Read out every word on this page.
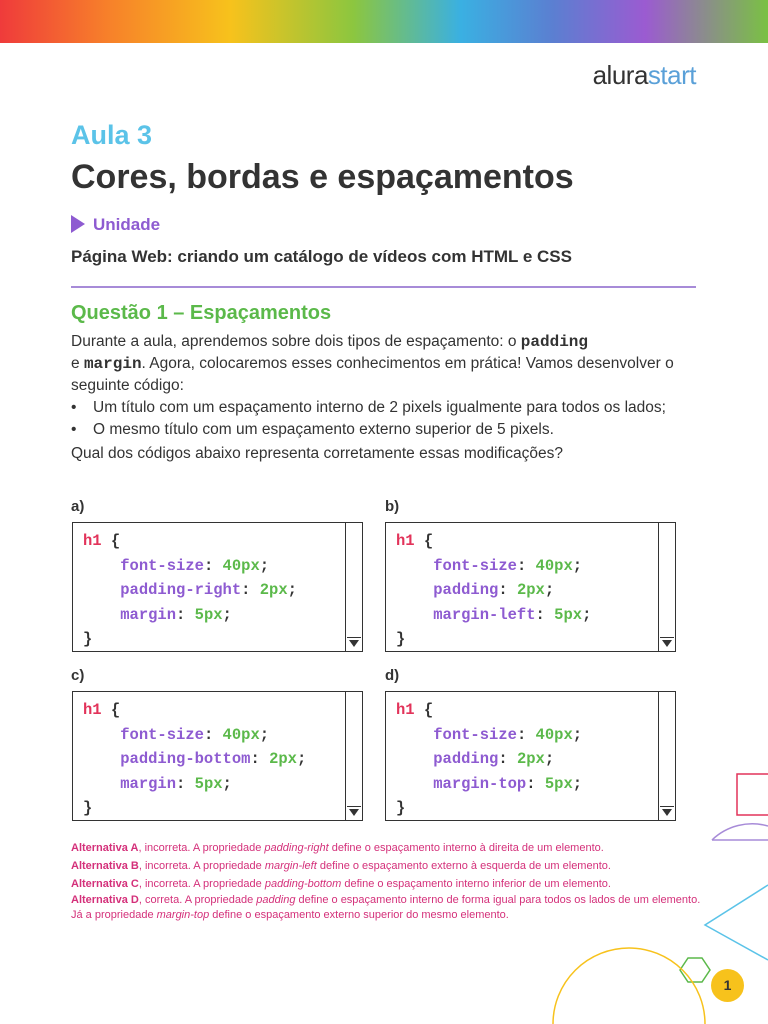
alurastart
Aula 3
Cores, bordas e espaçamentos
Unidade
Página Web: criando um catálogo de vídeos com HTML e CSS
Questão 1 – Espaçamentos

Durante a aula, aprendemos sobre dois tipos de espaçamento: o padding
e margin. Agora, colocaremos esses conhecimentos em prática! Vamos desenvolver o seguinte código:

• Um título com um espaçamento interno de 2 pixels igualmente para todos os lados;

• O mesmo título com um espaçamento externo superior de 5 pixels.

Qual dos códigos abaixo representa corretamente essas modificações?

a)	b)
c)	d)
h1 {
font-size: 40px;
padding-right: 2px;
margin: 5px;
}
h1 {
font-size: 40px;
padding: 2px;
margin-left: 5px;
}
h1 {
font-size: 40px;
padding-bottom: 2px;
margin: 5px;
}
h1 {
font-size: 40px;
padding: 2px;
margin-top: 5px;
}

Alternativa A, incorreta. A propriedade padding-right define o espaçamento interno à direita de um elemento.

Alternativa B, incorreta. A propriedade margin-left define o espaçamento externo à esquerda de um elemento.

Alternativa C, incorreta. A propriedade padding-bottom define o espaçamento interno inferior de um elemento.

Alternativa D, correta. A propriedade padding define o espaçamento interno de forma igual para todos os lados de um elemento. Já a propriedade margin-top define o espaçamento externo superior do mesmo elemento.

1
